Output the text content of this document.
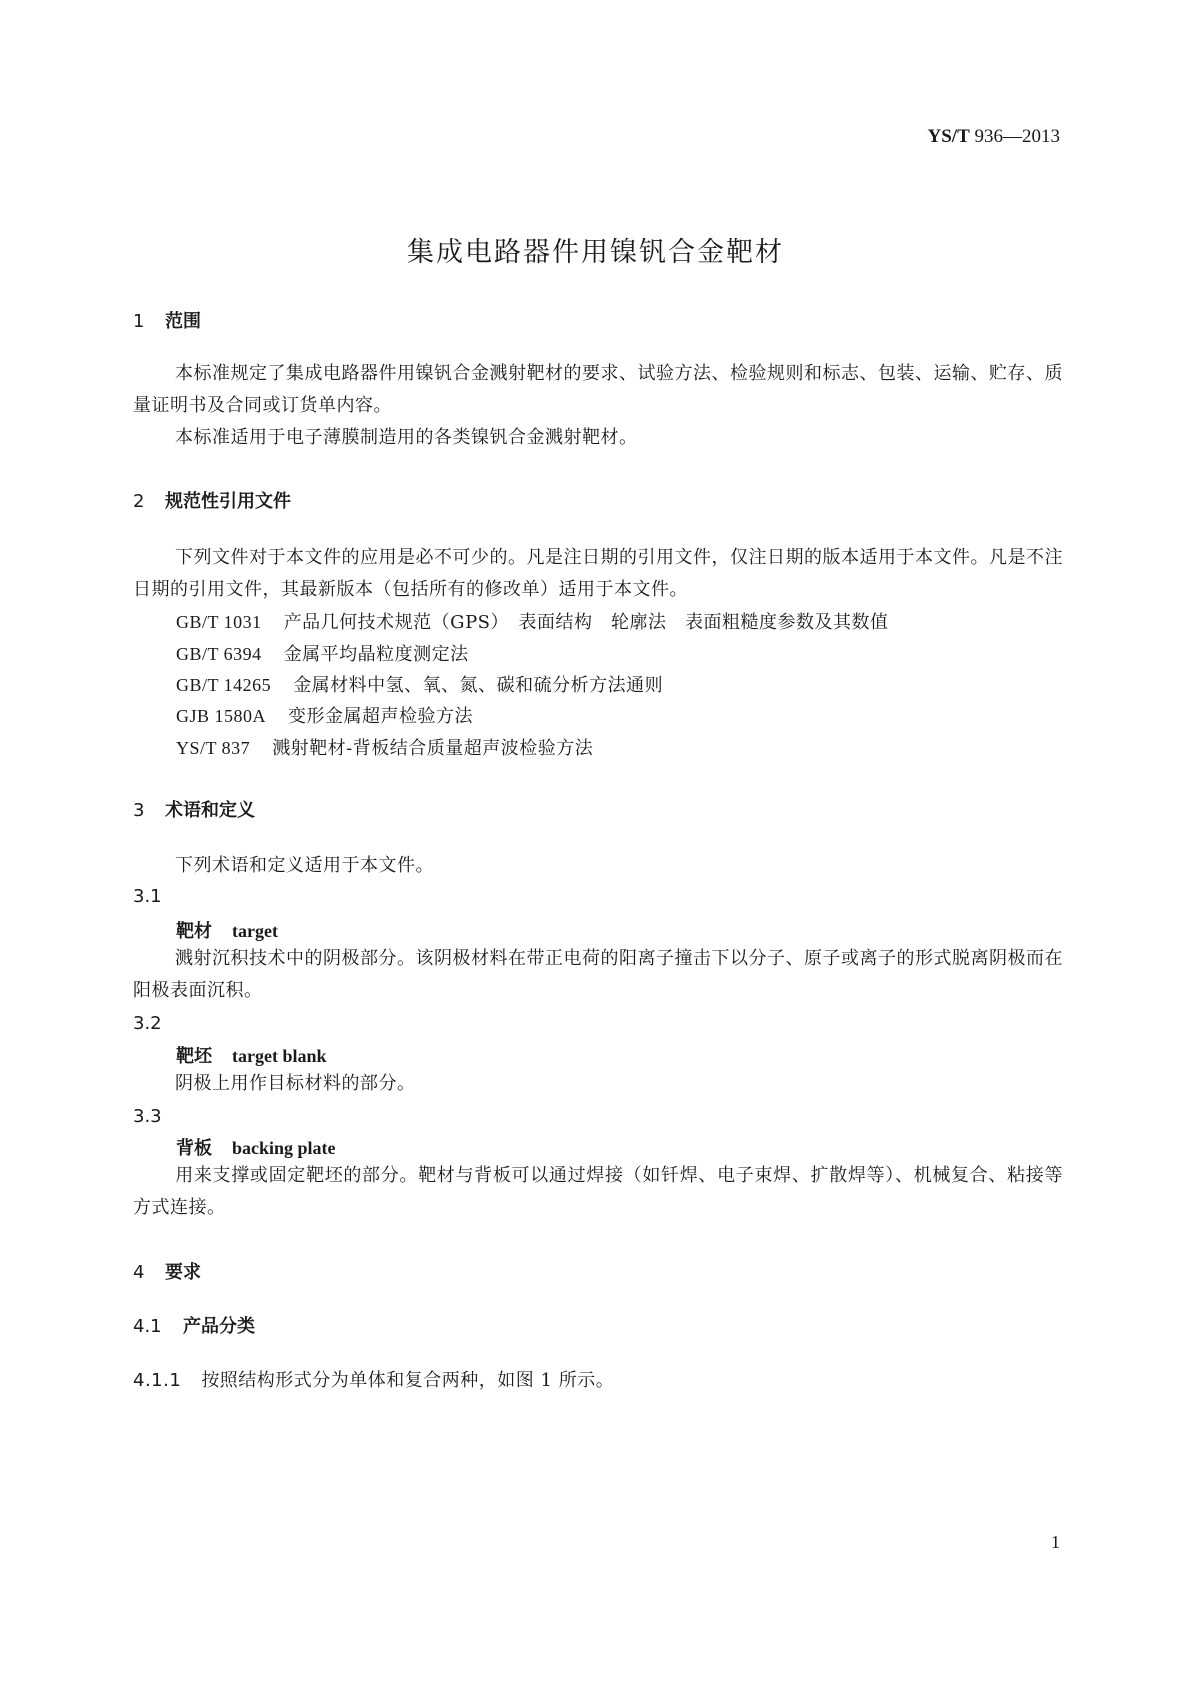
YS/T 936—2013
集成电路器件用镍钒合金靶材
1 范围
本标准规定了集成电路器件用镍钒合金溅射靶材的要求、试验方法、检验规则和标志、包装、运输、贮存、质量证明书及合同或订货单内容。
本标准适用于电子薄膜制造用的各类镍钒合金溅射靶材。
2 规范性引用文件
下列文件对于本文件的应用是必不可少的。凡是注日期的引用文件，仅注日期的版本适用于本文件。凡是不注日期的引用文件，其最新版本（包括所有的修改单）适用于本文件。
GB/T 1031 产品几何技术规范（GPS）　表面结构　轮廓法　表面粗糙度参数及其数值
GB/T 6394 金属平均晶粒度测定法
GB/T 14265 金属材料中氢、氧、氮、碳和硫分析方法通则
GJB 1580A 变形金属超声检验方法
YS/T 837 溅射靶材-背板结合质量超声波检验方法
3 术语和定义
下列术语和定义适用于本文件。
3.1
靶材 target
溅射沉积技术中的阴极部分。该阴极材料在带正电荷的阳离子撞击下以分子、原子或离子的形式脱离阴极而在阳极表面沉积。
3.2
靶坯 target blank
阴极上用作目标材料的部分。
3.3
背板 backing plate
用来支撑或固定靶坯的部分。靶材与背板可以通过焊接（如钎焊、电子束焊、扩散焊等）、机械复合、粘接等方式连接。
4 要求
4.1 产品分类
4.1.1 按照结构形式分为单体和复合两种，如图 1 所示。
1
